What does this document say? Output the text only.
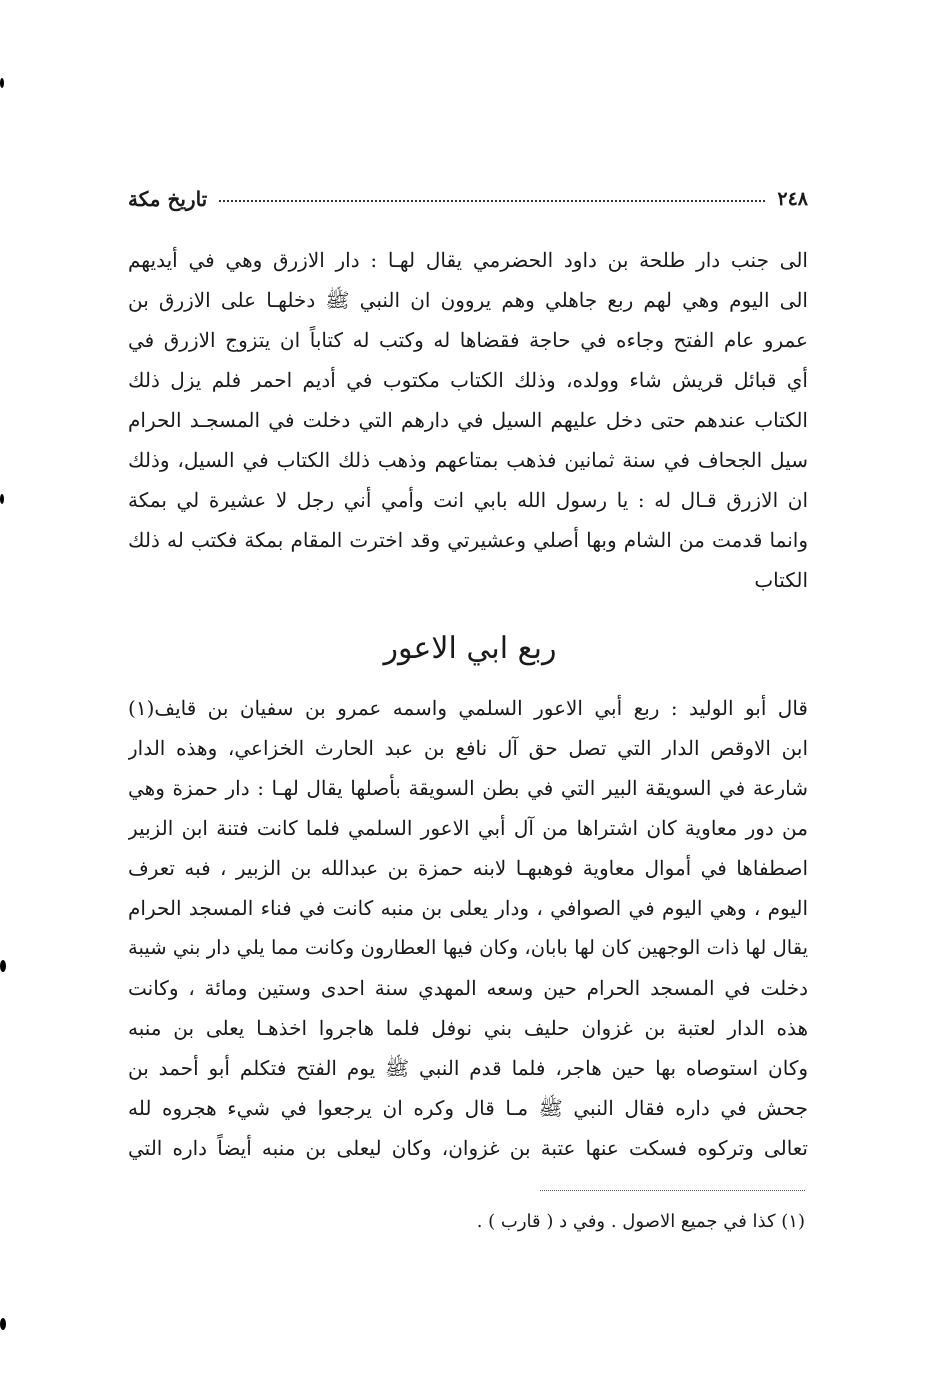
٢٤٨
تاريخ مكة
الى جنب دار طلحة بن داود الحضرمي يقال لهـا : دار الازرق وهي في أيديهم
الى اليوم وهي لهم ربع جاهلي وهم يروون ان النبي ﷺ دخلهـا على الازرق بن
عمرو عام الفتح وجاءه في حاجة فقضاها له وكتب له كتاباً ان يتزوج الازرق في
أي قبائل قريش شاء وولده، وذلك الكتاب مكتوب في أديم احمر فلم يزل ذلك
الكتاب عندهم حتى دخل عليهم السيل في دارهم التي دخلت في المسجـد الحرام
سيل الجحاف في سنة ثمانين فذهب بمتاعهم وذهب ذلك الكتاب في السيل، وذلك
ان الازرق قـال له : يا رسول الله بابي انت وأمي أني رجل لا عشيرة لي بمكة
وانما قدمت من الشام وبها أصلي وعشيرتي وقد اخترت المقام بمكة فكتب له ذلك
الكتاب
ربع ابي الاعور
قال أبو الوليد : ربع أبي الاعور السلمي واسمه عمرو بن سفيان بن قايف(١)
ابن الاوقص الدار التي تصل حق آل نافع بن عبد الحارث الخزاعي، وهذه الدار
شارعة في السويقة البير التي في بطن السويقة بأصلها يقال لهـا : دار حمزة وهي
من دور معاوية كان اشتراها من آل أبي الاعور السلمي فلما كانت فتنة ابن الزبير
اصطفاها في أموال معاوية فوهبهـا لابنه حمزة بن عبدالله بن الزبير ، فبه تعرف
اليوم ، وهي اليوم في الصوافي ، ودار يعلى بن منبه كانت في فناء المسجد الحرام
يقال لها ذات الوجهين كان لها بابان، وكان فيها العطارون وكانت مما يلي دار بني شيبة
دخلت في المسجد الحرام حين وسعه المهدي سنة احدى وستين ومائة ، وكانت
هذه الدار لعتبة بن غزوان حليف بني نوفل فلما هاجروا اخذهـا يعلى بن منبه
وكان استوصاه بها حين هاجر، فلما قدم النبي ﷺ يوم الفتح فتكلم أبو أحمد بن
جحش في داره فقال النبي ﷺ مـا قال وكره ان يرجعوا في شيء هجروه لله
تعالى وتركوه فسكت عنها عتبة بن غزوان، وكان ليعلى بن منبه أيضاً داره التي
(١) كذا في جميع الاصول . وفي د ( قارب ) .
